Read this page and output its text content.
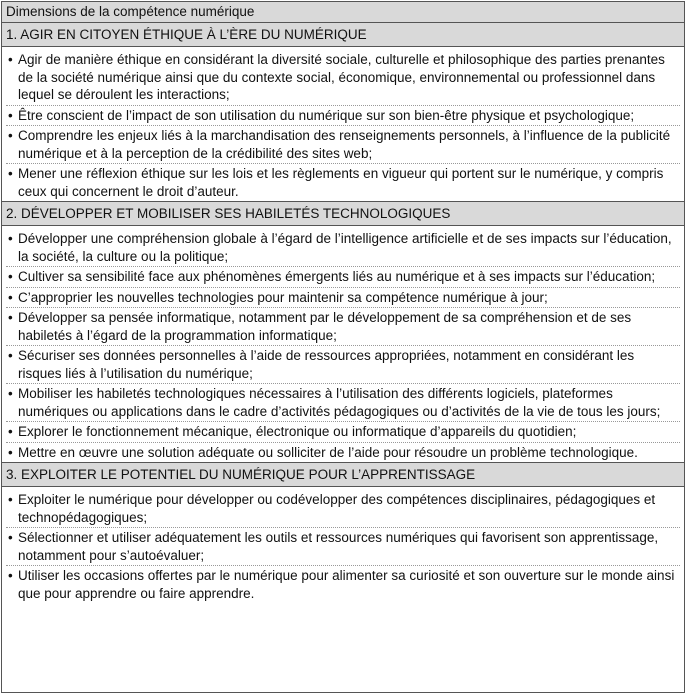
Dimensions de la compétence numérique
1. AGIR EN CITOYEN ÉTHIQUE À L’ÈRE DU NUMÉRIQUE
• Agir de manière éthique en considérant la diversité sociale, culturelle et philosophique des parties prenantes de la société numérique ainsi que du contexte social, économique, environnemental ou professionnel dans lequel se déroulent les interactions;
• Être conscient de l’impact de son utilisation du numérique sur son bien-être physique et psychologique;
• Comprendre les enjeux liés à la marchandisation des renseignements personnels, à l’influence de la publicité numérique et à la perception de la crédibilité des sites web;
• Mener une réflexion éthique sur les lois et les règlements en vigueur qui portent sur le numérique, y compris ceux qui concernent le droit d’auteur.
2. DÉVELOPPER ET MOBILISER SES HABILETÉS TECHNOLOGIQUES
• Développer une compréhension globale à l’égard de l’intelligence artificielle et de ses impacts sur l’éducation, la société, la culture ou la politique;
• Cultiver sa sensibilité face aux phénomènes émergents liés au numérique et à ses impacts sur l’éducation;
• C’approprier les nouvelles technologies pour maintenir sa compétence numérique à jour;
• Développer sa pensée informatique, notamment par le développement de sa compréhension et de ses habiletés à l’égard de la programmation informatique;
• Sécuriser ses données personnelles à l’aide de ressources appropriées, notamment en considérant les risques liés à l’utilisation du numérique;
• Mobiliser les habiletés technologiques nécessaires à l’utilisation des différents logiciels, plateformes numériques ou applications dans le cadre d’activités pédagogiques ou d’activités de la vie de tous les jours;
• Explorer le fonctionnement mécanique, électronique ou informatique d’appareils du quotidien;
• Mettre en œuvre une solution adéquate ou solliciter de l’aide pour résoudre un problème technologique.
3. EXPLOITER LE POTENTIEL DU NUMÉRIQUE POUR L’APPRENTISSAGE
• Exploiter le numérique pour développer ou codévelopper des compétences disciplinaires, pédagogiques et technopédagogiques;
• Sélectionner et utiliser adéquatement les outils et ressources numériques qui favorisent son apprentissage, notamment pour s’autoévaluer;
• Utiliser les occasions offertes par le numérique pour alimenter sa curiosité et son ouverture sur le monde ainsi que pour apprendre ou faire apprendre.
